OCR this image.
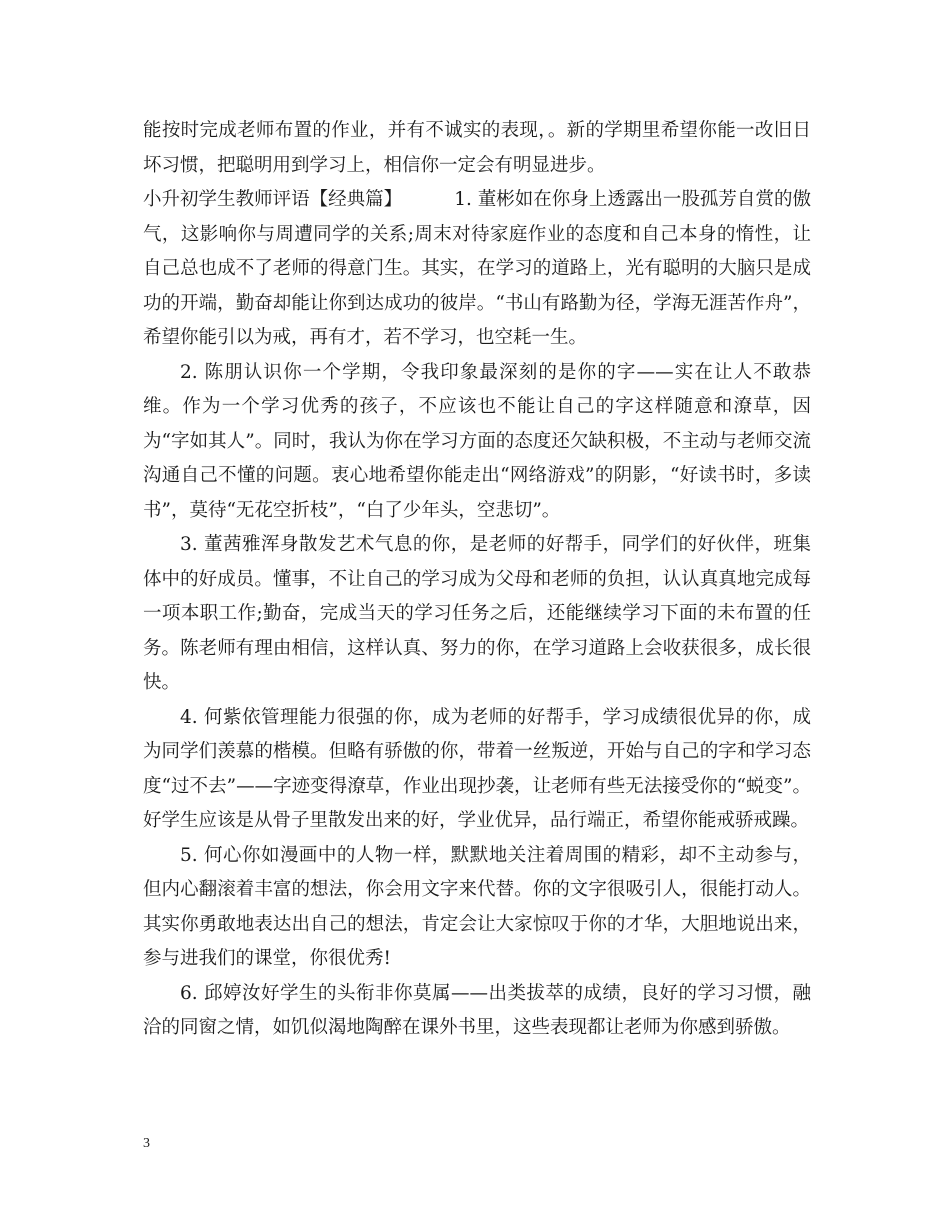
能按时完成老师布置的作业，并有不诚实的表现，。新的学期里希望你能一改旧日坏习惯，把聪明用到学习上，相信你一定会有明显进步。

小升初学生教师评语【经典篇】	1. 董彬如在你身上透露出一股孤芳自赏的傲气，这影响你与周遭同学的关系;周末对待家庭作业的态度和自己本身的惰性，让自己总也成不了老师的得意门生。其实，在学习的道路上，光有聪明的大脑只是成功的开端，勤奋却能让你到达成功的彼岸。“书山有路勤为径，学海无涯苦作舟”，希望你能引以为戒，再有才，若不学习，也空耗一生。

2. 陈朋认识你一个学期，令我印象最深刻的是你的字——实在让人不敢恭维。作为一个学习优秀的孩子，不应该也不能让自己的字这样随意和潦草，因为“字如其人”。同时，我认为你在学习方面的态度还欠缺积极，不主动与老师交流沟通自己不懂的问题。衷心地希望你能走出“网络游戏”的阴影，“好读书时，多读书”，莫待“无花空折枝”，“白了少年头，空悲切”。

3. 董茜雅浑身散发艺术气息的你，是老师的好帮手，同学们的好伙伴，班集体中的好成员。懂事，不让自己的学习成为父母和老师的负担，认认真真地完成每一项本职工作;勤奋，完成当天的学习任务之后，还能继续学习下面的未布置的任务。陈老师有理由相信，这样认真、努力的你，在学习道路上会收获很多，成长很快。

4. 何紫依管理能力很强的你，成为老师的好帮手，学习成绩很优异的你，成为同学们羡慕的楷模。但略有骄傲的你，带着一丝叛逆，开始与自己的字和学习态度“过不去”——字迹变得潦草，作业出现抄袭，让老师有些无法接受你的“蜕变”。好学生应该是从骨子里散发出来的好，学业优异，品行端正，希望你能戒骄戒躁。

5. 何心你如漫画中的人物一样，默默地关注着周围的精彩，却不主动参与，但内心翻滚着丰富的想法，你会用文字来代替。你的文字很吸引人，很能打动人。其实你勇敢地表达出自己的想法，肯定会让大家惊叹于你的才华，大胆地说出来，参与进我们的课堂，你很优秀!

6. 邱婷汝好学生的头衔非你莫属——出类拔萃的成绩，良好的学习习惯，融洽的同窗之情，如饥似渴地陶醉在课外书里，这些表现都让老师为你感到骄傲。

3
